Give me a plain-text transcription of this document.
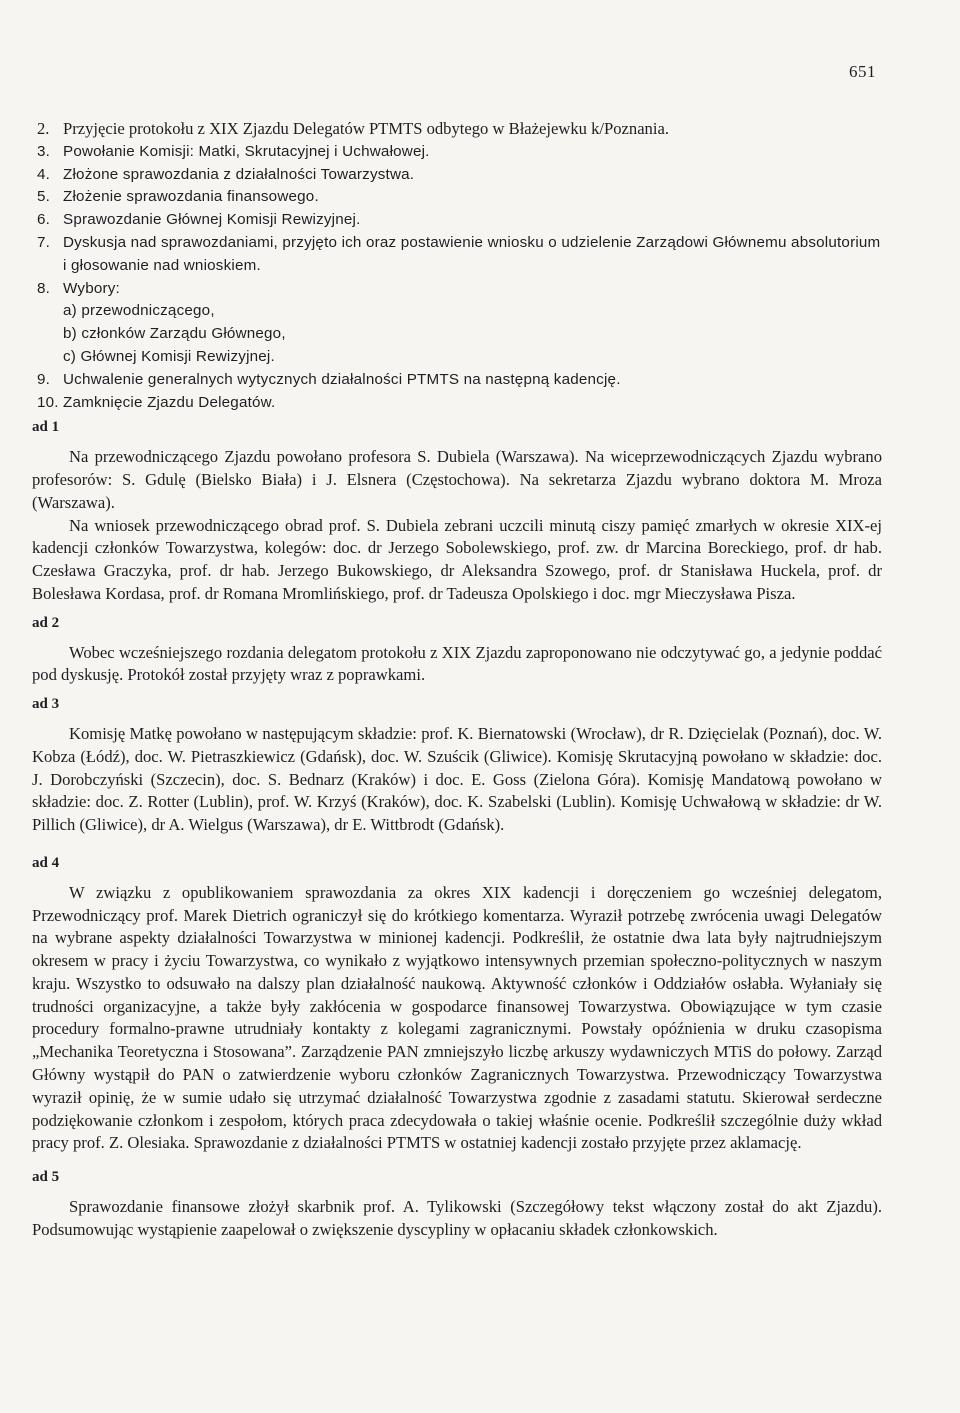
651
2. Przyjęcie protokołu z XIX Zjazdu Delegatów PTMTS odbytego w Błażejewku k/Poznania.
3. Powołanie Komisji: Matki, Skrutacyjnej i Uchwałowej.
4. Złożone sprawozdania z działalności Towarzystwa.
5. Złożenie sprawozdania finansowego.
6. Sprawozdanie Głównej Komisji Rewizyjnej.
7. Dyskusja nad sprawozdaniami, przyjęto ich oraz postawienie wniosku o udzielenie Zarządowi Głównemu absolutorium i głosowanie nad wnioskiem.
8. Wybory:
a) przewodniczącego,
b) członków Zarządu Głównego,
c) Głównej Komisji Rewizyjnej.
9. Uchwalenie generalnych wytycznych działalności PTMTS na następną kadencję.
10. Zamknięcie Zjazdu Delegatów.
ad 1

Na przewodniczącego Zjazdu powołano profesora S. Dubiela (Warszawa). Na wiceprzewodniczących Zjazdu wybrano profesorów: S. Gdulę (Bielsko Biała) i J. Elsnera (Częstochowa). Na sekretarza Zjazdu wybrano doktora M. Mroza (Warszawa).

Na wniosek przewodniczącego obrad prof. S. Dubiela zebrani uczcili minutą ciszy pamięć zmarłych w okresie XIX-ej kadencji członków Towarzystwa, kolegów: doc. dr Jerzego Sobolewskiego, prof. zw. dr Marcina Boreckiego, prof. dr hab. Czesława Graczyka, prof. dr hab. Jerzego Bukowskiego, dr Aleksandra Szowego, prof. dr Stanisława Huckela, prof. dr Bolesława Kordasa, prof. dr Romana Mromlińskiego, prof. dr Tadeusza Opolskiego i doc. mgr Mieczysława Pisza.

ad 2

Wobec wcześniejszego rozdania delegatom protokołu z XIX Zjazdu zaproponowano nie odczytywać go, a jedynie poddać pod dyskusję. Protokół został przyjęty wraz z poprawkami.

ad 3

Komisję Matkę powołano w następującym składzie: prof. K. Biernatowski (Wrocław), dr R. Dzięcielak (Poznań), doc. W. Kobza (Łódź), doc. W. Pietraszkiewicz (Gdańsk), doc. W. Szuścik (Gliwice). Komisję Skrutacyjną powołano w składzie: doc. J. Dorobczyński (Szczecin), doc. S. Bednarz (Kraków) i doc. E. Goss (Zielona Góra). Komisję Mandatową powołano w składzie: doc. Z. Rotter (Lublin), prof. W. Krzyś (Kraków), doc. K. Szabelski (Lublin). Komisję Uchwałową w składzie: dr W. Pillich (Gliwice), dr A. Wielgus (Warszawa), dr E. Wittbrodt (Gdańsk).

ad 4

W związku z opublikowaniem sprawozdania za okres XIX kadencji i doręczeniem go wcześniej delegatom, Przewodniczący prof. Marek Dietrich ograniczył się do krótkiego komentarza. Wyraził potrzebę zwrócenia uwagi Delegatów na wybrane aspekty działalności Towarzystwa w minionej kadencji. Podkreślił, że ostatnie dwa lata były najtrudniejszym okresem w pracy i życiu Towarzystwa, co wynikało z wyjątkowo intensywnych przemian społeczno-politycznych w naszym kraju. Wszystko to odsuwało na dalszy plan działalność naukową. Aktywność członków i Oddziałów osłabła. Wyłaniały się trudności organizacyjne, a także były zakłócenia w gospodarce finansowej Towarzystwa. Obowiązujące w tym czasie procedury formalno-prawne utrudniały kontakty z kolegami zagranicznymi. Powstały opóźnienia w druku czasopisma „Mechanika Teoretyczna i Stosowana”. Zarządzenie PAN zmniejszyło liczbę arkuszy wydawniczych MTiS do połowy. Zarząd Główny wystąpił do PAN o zatwierdzenie wyboru członków Zagranicznych Towarzystwa. Przewodniczący Towarzystwa wyraził opinię, że w sumie udało się utrzymać działalność Towarzystwa zgodnie z zasadami statutu. Skierował serdeczne podziękowanie członkom i zespołom, których praca zdecydowała o takiej właśnie ocenie. Podkreślił szczególnie duży wkład pracy prof. Z. Olesiaka. Sprawozdanie z działalności PTMTS w ostatniej kadencji zostało przyjęte przez aklamację.

ad 5

Sprawozdanie finansowe złożył skarbnik prof. A. Tylikowski (Szczegółowy tekst włączony został do akt Zjazdu). Podsumowując wystąpienie zaapelował o zwiększenie dyscypliny w opłacaniu składek członkowskich.
